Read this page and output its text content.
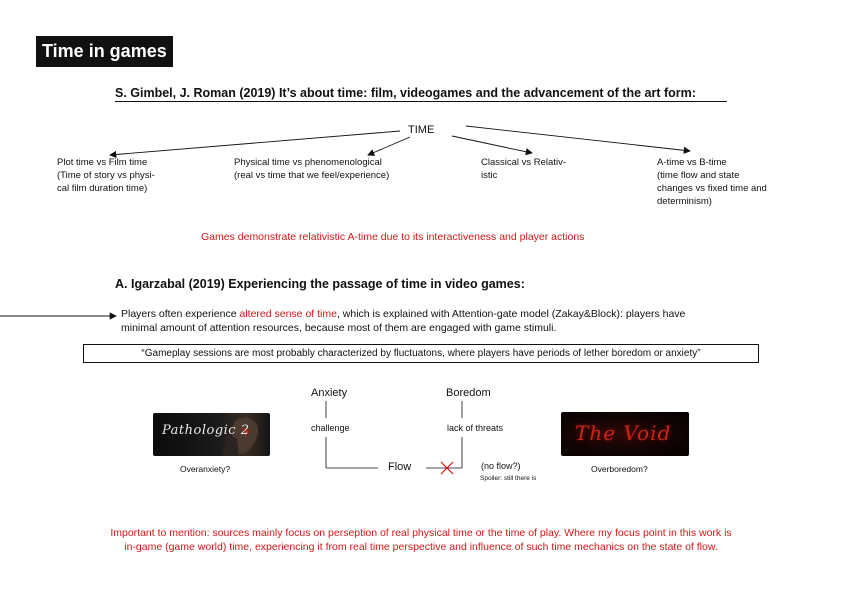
Time in games
S. Gimbel, J. Roman (2019) It’s about time: film, videogames and the advancement of the art form:
TIME
Plot time vs Film time
(Time of story vs physi-
cal film duration time)
Physical time vs phenomenological
(real vs time that we feel/experience)
Classical vs Relativ-
istic
A-time vs B-time
(time flow and state
changes vs fixed time and
determinism)
Games demonstrate relativistic A-time due to its interactiveness and player actions
A. Igarzabal (2019) Experiencing the passage of time in video games:
Players often experience altered sense of time, which is explained with Attention-gate model (Zakay&Block): players have
minimal amount of attention resources, because most of them are engaged with game stimuli.
“Gameplay sessions are most probably characterized by fluctuatons, where players have periods of lether boredom or anxiety”
Anxiety	Boredom
challenge	lack of threats
Flow	(no flow?)
Spoiler: still there is
Pathologic 2
Overanxiety?
The Void
Overboredom?
Important to mention: sources mainly focus on perseption of real physical time or the time of play. Where my focus point in this work is
in-game (game world) time, experiencing it from real time perspective and influence of such time mechanics on the state of flow.
